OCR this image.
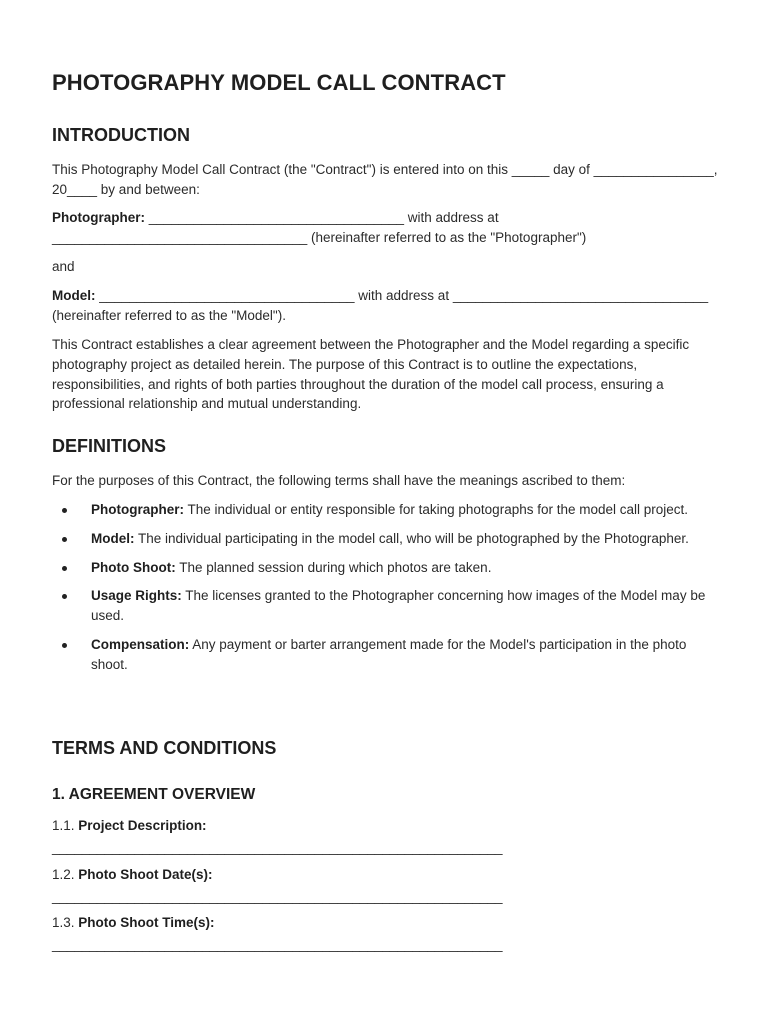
PHOTOGRAPHY MODEL CALL CONTRACT
INTRODUCTION

This Photography Model Call Contract (the "Contract") is entered into on this _____ day of ________________, 20____ by and between:

Photographer: __________________________________ with address at __________________________________ (hereinafter referred to as the "Photographer")

and

Model: __________________________________ with address at __________________________________ (hereinafter referred to as the "Model").

This Contract establishes a clear agreement between the Photographer and the Model regarding a specific photography project as detailed herein. The purpose of this Contract is to outline the expectations, responsibilities, and rights of both parties throughout the duration of the model call process, ensuring a professional relationship and mutual understanding.

DEFINITIONS

For the purposes of this Contract, the following terms shall have the meanings ascribed to them:

Photographer: The individual or entity responsible for taking photographs for the model call project.
Model: The individual participating in the model call, who will be photographed by the Photographer.
Photo Shoot: The planned session during which photos are taken.
Usage Rights: The licenses granted to the Photographer concerning how images of the Model may be used.
Compensation: Any payment or barter arrangement made for the Model's participation in the photo shoot.
TERMS AND CONDITIONS
1. AGREEMENT OVERVIEW

1.1. Project Description:

____________________________________________________________

1.2. Photo Shoot Date(s):

____________________________________________________________

1.3. Photo Shoot Time(s):

____________________________________________________________
